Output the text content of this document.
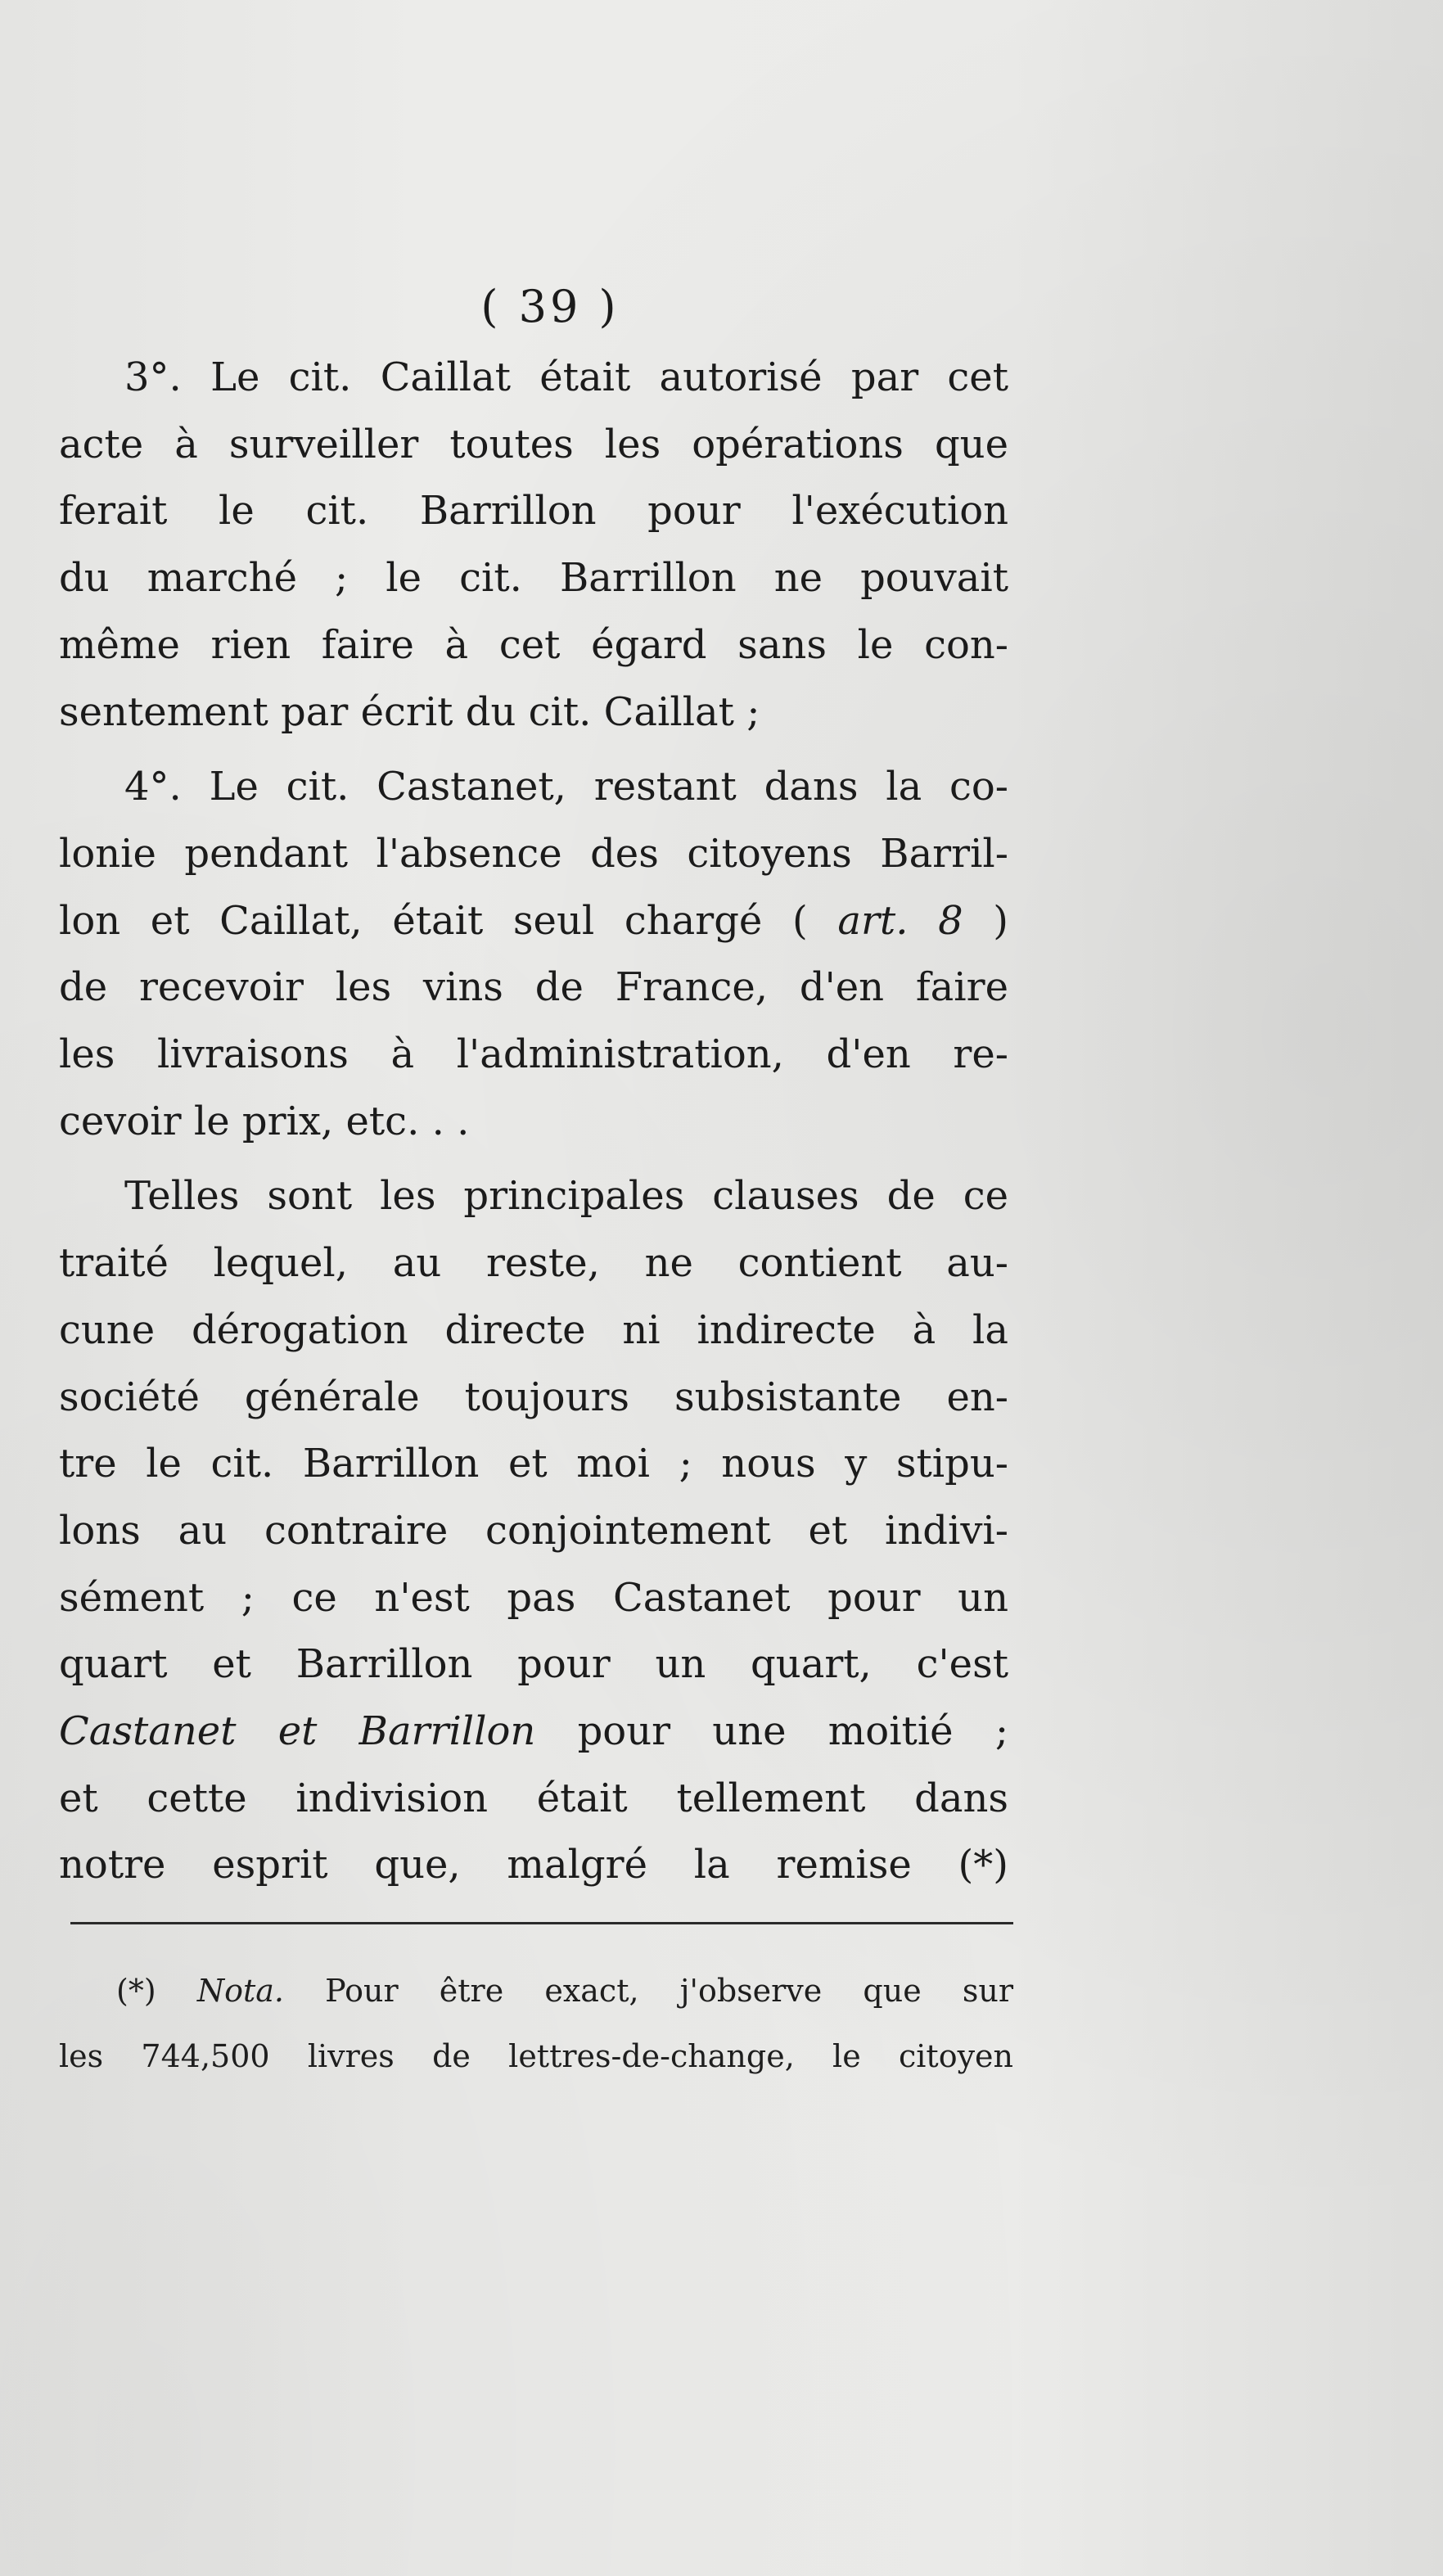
( 39 )
3°. Le cit. Caillat était autorisé par cet
acte à surveiller toutes les opérations que
ferait le cit. Barrillon pour l'exécution
du marché ; le cit. Barrillon ne pouvait
même rien faire à cet égard sans le con-
sentement par écrit du cit. Caillat ;
4°. Le cit. Castanet, restant dans la co-
lonie pendant l'absence des citoyens Barril-
lon et Caillat, était seul chargé ( art. 8 )
de recevoir les vins de France, d'en faire
les livraisons à l'administration, d'en re-
cevoir le prix, etc. . .
Telles sont les principales clauses de ce
traité lequel, au reste, ne contient au-
cune dérogation directe ni indirecte à la
société générale toujours subsistante en-
tre le cit. Barrillon et moi ; nous y stipu-
lons au contraire conjointement et indivi-
sément ; ce n'est pas Castanet pour un
quart et Barrillon pour un quart, c'est
Castanet et Barrillon pour une moitié ;
et cette indivision était tellement dans
notre esprit que, malgré la remise (*)
(*) Nota. Pour être exact, j'observe que sur
les 744,500 livres de lettres-de-change, le citoyen
